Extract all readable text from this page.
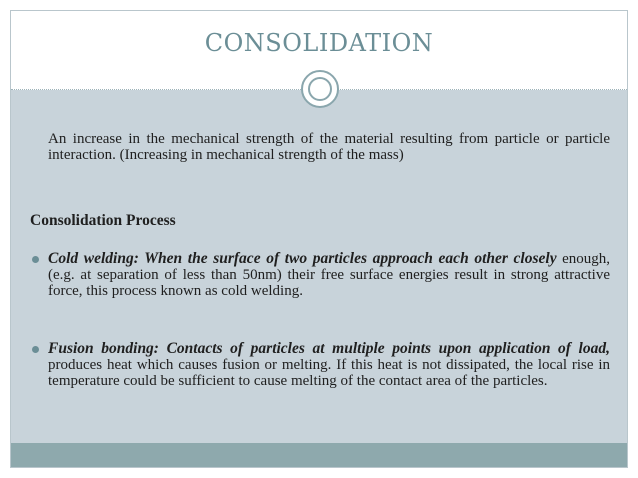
CONSOLIDATION
An increase in the mechanical strength of the material resulting from particle or particle interaction. (Increasing in mechanical strength of the mass)
Consolidation Process
Cold welding: When the surface of two particles approach each other closely enough, (e.g. at separation of less than 50nm) their free surface energies result in strong attractive force, this process known as cold welding.
Fusion bonding: Contacts of particles at multiple points upon application of load, produces heat which causes fusion or melting. If this heat is not dissipated, the local rise in temperature could be sufficient to cause melting of the contact area of the particles.
